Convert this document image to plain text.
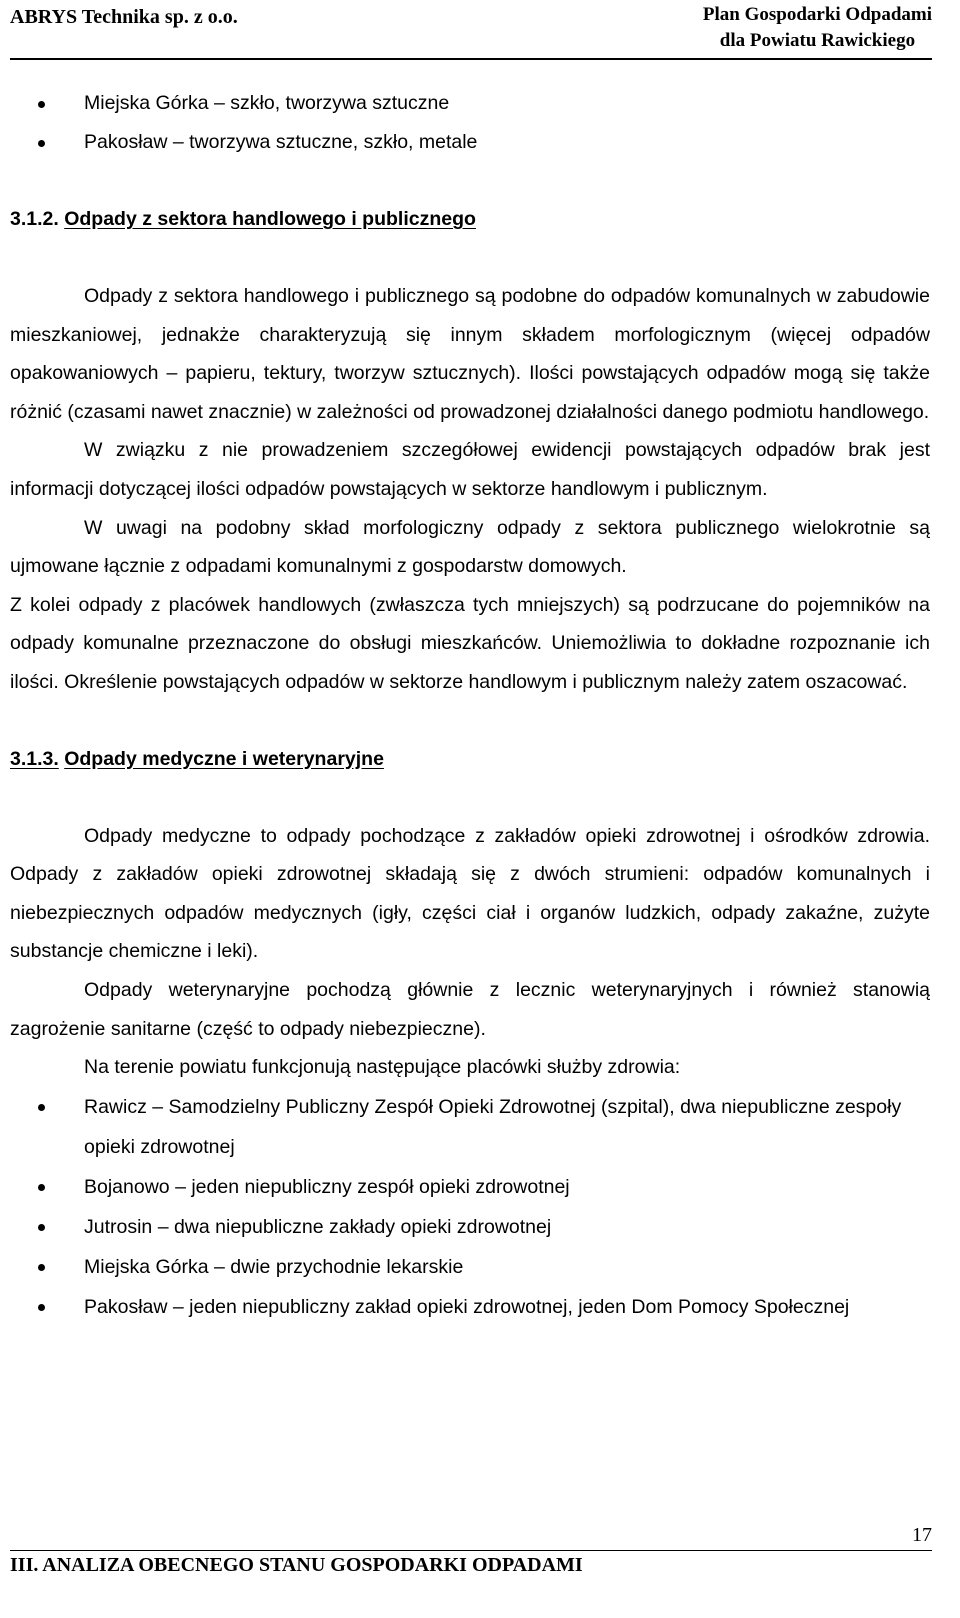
ABRYS Technika sp. z o.o.	Plan Gospodarki Odpadami
dla Powiatu Rawickiego
Miejska Górka – szkło, tworzywa sztuczne
Pakosław – tworzywa sztuczne, szkło, metale
3.1.2. Odpady z sektora handlowego i publicznego

Odpady z sektora handlowego i publicznego są podobne do odpadów komunalnych w zabudowie mieszkaniowej, jednakże charakteryzują się innym składem morfologicznym (więcej odpadów opakowaniowych – papieru, tektury, tworzyw sztucznych). Ilości powstających odpadów mogą się także różnić (czasami nawet znacznie) w zależności od prowadzonej działalności danego podmiotu handlowego.

W związku z nie prowadzeniem szczegółowej ewidencji powstających odpadów brak jest informacji dotyczącej ilości odpadów powstających w sektorze handlowym i publicznym.

W uwagi na podobny skład morfologiczny odpady z sektora publicznego wielokrotnie są ujmowane łącznie z odpadami komunalnymi z gospodarstw domowych.

Z kolei odpady z placówek handlowych (zwłaszcza tych mniejszych) są podrzucane do pojemników na odpady komunalne przeznaczone do obsługi mieszkańców. Uniemożliwia to dokładne rozpoznanie ich ilości. Określenie powstających odpadów w sektorze handlowym i publicznym należy zatem oszacować.

3.1.3. Odpady medyczne i weterynaryjne

Odpady medyczne to odpady pochodzące z zakładów opieki zdrowotnej i ośrodków zdrowia. Odpady z zakładów opieki zdrowotnej składają się z dwóch strumieni: odpadów komunalnych i niebezpiecznych odpadów medycznych (igły, części ciał i organów ludzkich, odpady zakaźne, zużyte substancje chemiczne i leki).

Odpady weterynaryjne pochodzą głównie z lecznic weterynaryjnych i również stanowią zagrożenie sanitarne (część to odpady niebezpieczne).

Na terenie powiatu funkcjonują następujące placówki służby zdrowia:

Rawicz – Samodzielny Publiczny Zespół Opieki Zdrowotnej (szpital), dwa niepubliczne zespoły opieki zdrowotnej
Bojanowo – jeden niepubliczny zespół opieki zdrowotnej
Jutrosin – dwa niepubliczne zakłady opieki zdrowotnej
Miejska Górka – dwie przychodnie lekarskie
Pakosław – jeden niepubliczny zakład opieki zdrowotnej, jeden Dom Pomocy Społecznej
17
III. ANALIZA OBECNEGO STANU GOSPODARKI ODPADAMI
